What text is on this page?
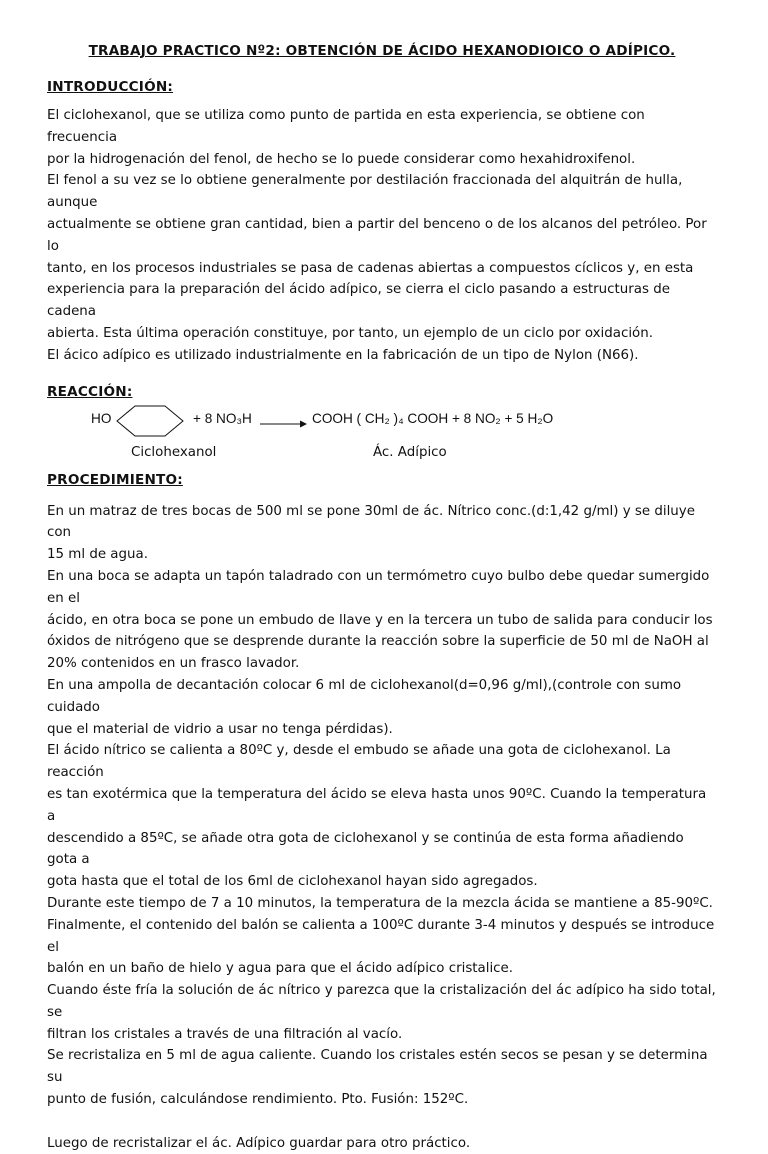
TRABAJO PRACTICO Nº2: OBTENCIÓN DE ÁCIDO HEXANODIOICO O ADÍPICO.

INTRODUCCIÓN:

El ciclohexanol, que se utiliza como punto de partida en esta experiencia, se obtiene con frecuencia
por la hidrogenación del fenol, de hecho se lo puede considerar como hexahidroxifenol.
El fenol a su vez se lo obtiene generalmente por destilación fraccionada del alquitrán de hulla, aunque
actualmente se obtiene gran cantidad, bien a partir del benceno o de los alcanos del petróleo. Por lo
tanto, en los procesos industriales se pasa de cadenas abiertas a compuestos cíclicos y, en esta
experiencia para la preparación del ácido adípico, se cierra el ciclo pasando a estructuras de cadena
abierta. Esta última operación constituye, por tanto, un ejemplo de un ciclo por oxidación.
El ácico adípico es utilizado industrialmente en la fabricación de un tipo de Nylon (N66).

REACCIÓN:

HO	+ 8 NO₃H → COOH ( CH₂ )₄ COOH + 8 NO₂ + 5 H₂O
Ciclohexanol	Ác. Adípico

PROCEDIMIENTO:

En un matraz de tres bocas de 500 ml se pone 30ml de ác. Nítrico conc.(d:1,42 g/ml) y se diluye con
15 ml de agua.
En una boca se adapta un tapón taladrado con un termómetro cuyo bulbo debe quedar sumergido en el
ácido, en otra boca se pone un embudo de llave y en la tercera un tubo de salida para conducir los
óxidos de nitrógeno que se desprende durante la reacción sobre la superficie de 50 ml de NaOH al
20% contenidos en un frasco lavador.
En una ampolla de decantación colocar 6 ml de ciclohexanol(d=0,96 g/ml),(controle con sumo cuidado
que el material de vidrio a usar no tenga pérdidas).
El ácido nítrico se calienta a 80ºC y, desde el embudo se añade una gota de ciclohexanol. La reacción
es tan exotérmica que la temperatura del ácido se eleva hasta unos 90ºC. Cuando la temperatura a
descendido a 85ºC, se añade otra gota de ciclohexanol y se continúa de esta forma añadiendo gota a
gota hasta que el total de los 6ml de ciclohexanol hayan sido agregados.
Durante este tiempo de 7 a 10 minutos, la temperatura de la mezcla ácida se mantiene a 85-90ºC.
Finalmente, el contenido del balón se calienta a 100ºC durante 3-4 minutos y después se introduce el
balón en un baño de hielo y agua para que el ácido adípico cristalice.
Cuando éste fría la solución de ác nítrico y parezca que la cristalización del ác adípico ha sido total, se
filtran los cristales a través de una filtración al vacío.
Se recristaliza en 5 ml de agua caliente. Cuando los cristales estén secos se pesan y se determina su
punto de fusión, calculándose rendimiento. Pto. Fusión: 152ºC.

Luego de recristalizar el ác. Adípico guardar para otro práctico.
